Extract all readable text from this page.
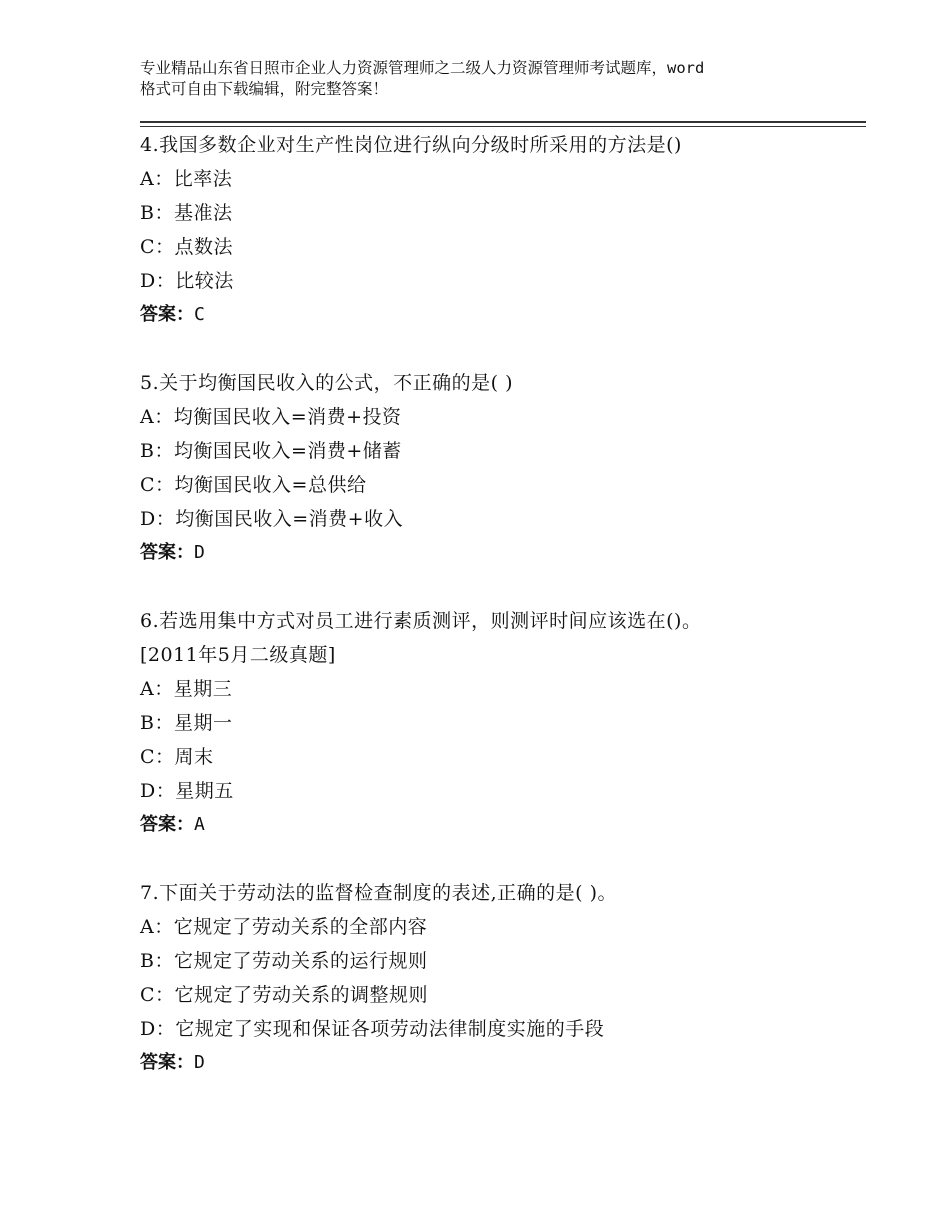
专业精品山东省日照市企业人力资源管理师之二级人力资源管理师考试题库，word
格式可自由下载编辑，附完整答案！
4.我国多数企业对生产性岗位进行纵向分级时所采用的方法是()
A：比率法
B：基准法
C：点数法
D：比较法
答案：C
5.关于均衡国民收入的公式，不正确的是( )
A：均衡国民收入=消费+投资
B：均衡国民收入=消费+储蓄
C：均衡国民收入=总供给
D：均衡国民收入=消费+收入
答案：D
6.若选用集中方式对员工进行素质测评，则测评时间应该选在()。
[2011年5月二级真题]
A：星期三
B：星期一
C：周末
D：星期五
答案：A
7.下面关于劳动法的监督检查制度的表述,正确的是( )。
A：它规定了劳动关系的全部内容
B：它规定了劳动关系的运行规则
C：它规定了劳动关系的调整规则
D：它规定了实现和保证各项劳动法律制度实施的手段
答案：D
